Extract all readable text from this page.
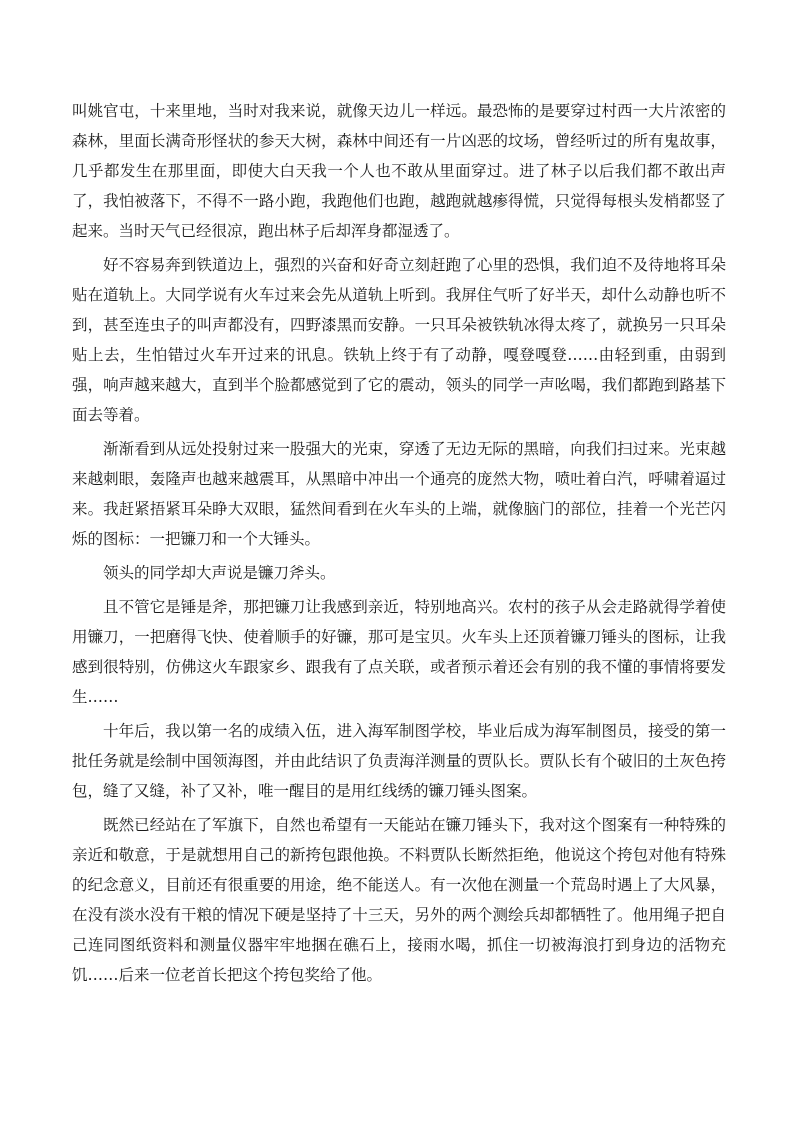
叫姚官屯，十来里地，当时对我来说，就像天边儿一样远。最恐怖的是要穿过村西一大片浓密的森林，里面长满奇形怪状的参天大树，森林中间还有一片凶恶的坟场，曾经听过的所有鬼故事，几乎都发生在那里面，即使大白天我一个人也不敢从里面穿过。进了林子以后我们都不敢出声了，我怕被落下，不得不一路小跑，我跑他们也跑，越跑就越瘆得慌，只觉得每根头发梢都竖了起来。当时天气已经很凉，跑出林子后却浑身都湿透了。

好不容易奔到铁道边上，强烈的兴奋和好奇立刻赶跑了心里的恐惧，我们迫不及待地将耳朵贴在道轨上。大同学说有火车过来会先从道轨上听到。我屏住气听了好半天，却什么动静也听不到，甚至连虫子的叫声都没有，四野漆黑而安静。一只耳朵被铁轨冰得太疼了，就换另一只耳朵贴上去，生怕错过火车开过来的讯息。铁轨上终于有了动静，嘎登嘎登……由轻到重，由弱到强，响声越来越大，直到半个脸都感觉到了它的震动，领头的同学一声吆喝，我们都跑到路基下面去等着。

渐渐看到从远处投射过来一股强大的光束，穿透了无边无际的黑暗，向我们扫过来。光束越来越刺眼，轰隆声也越来越震耳，从黑暗中冲出一个通亮的庞然大物，喷吐着白汽，呼啸着逼过来。我赶紧捂紧耳朵睁大双眼，猛然间看到在火车头的上端，就像脑门的部位，挂着一个光芒闪烁的图标：一把镰刀和一个大锤头。

领头的同学却大声说是镰刀斧头。

且不管它是锤是斧，那把镰刀让我感到亲近，特别地高兴。农村的孩子从会走路就得学着使用镰刀，一把磨得飞快、使着顺手的好镰，那可是宝贝。火车头上还顶着镰刀锤头的图标，让我感到很特别，仿佛这火车跟家乡、跟我有了点关联，或者预示着还会有别的我不懂的事情将要发生……

十年后，我以第一名的成绩入伍，进入海军制图学校，毕业后成为海军制图员，接受的第一批任务就是绘制中国领海图，并由此结识了负责海洋测量的贾队长。贾队长有个破旧的土灰色挎包，缝了又缝，补了又补，唯一醒目的是用红线绣的镰刀锤头图案。

既然已经站在了军旗下，自然也希望有一天能站在镰刀锤头下，我对这个图案有一种特殊的亲近和敬意，于是就想用自己的新挎包跟他换。不料贾队长断然拒绝，他说这个挎包对他有特殊的纪念意义，目前还有很重要的用途，绝不能送人。有一次他在测量一个荒岛时遇上了大风暴，在没有淡水没有干粮的情况下硬是坚持了十三天，另外的两个测绘兵却都牺牲了。他用绳子把自己连同图纸资料和测量仪器牢牢地捆在礁石上，接雨水喝，抓住一切被海浪打到身边的活物充饥……后来一位老首长把这个挎包奖给了他。
